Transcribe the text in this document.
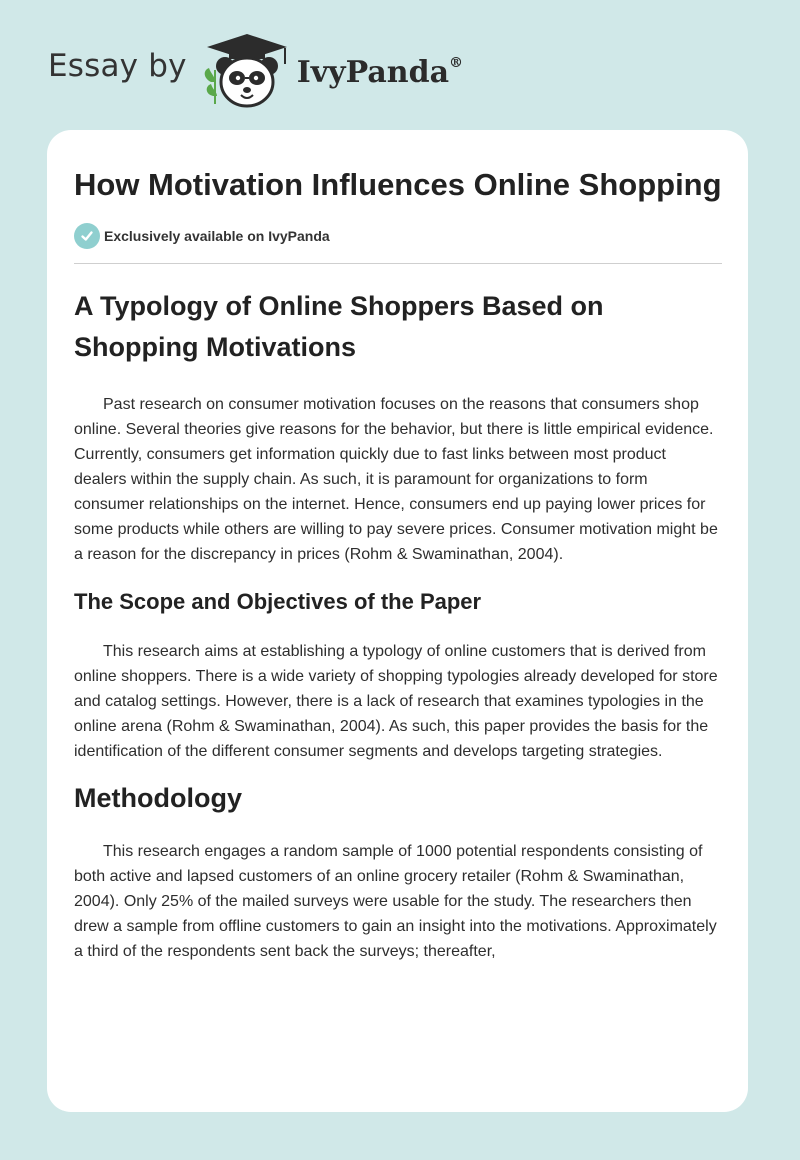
Essay by	IvyPanda®
How Motivation Influences Online Shopping
Exclusively available on IvyPanda
A Typology of Online Shoppers Based on Shopping Motivations

Past research on consumer motivation focuses on the reasons that consumers shop online. Several theories give reasons for the behavior, but there is little empirical evidence. Currently, consumers get information quickly due to fast links between most product dealers within the supply chain. As such, it is paramount for organizations to form consumer relationships on the internet. Hence, consumers end up paying lower prices for some products while others are willing to pay severe prices. Consumer motivation might be a reason for the discrepancy in prices (Rohm & Swaminathan, 2004).

The Scope and Objectives of the Paper

This research aims at establishing a typology of online customers that is derived from online shoppers. There is a wide variety of shopping typologies already developed for store and catalog settings. However, there is a lack of research that examines typologies in the online arena (Rohm & Swaminathan, 2004). As such, this paper provides the basis for the identification of the different consumer segments and develops targeting strategies.

Methodology

This research engages a random sample of 1000 potential respondents consisting of both active and lapsed customers of an online grocery retailer (Rohm & Swaminathan, 2004). Only 25% of the mailed surveys were usable for the study. The researchers then drew a sample from offline customers to gain an insight into the motivations. Approximately a third of the respondents sent back the surveys; thereafter,
